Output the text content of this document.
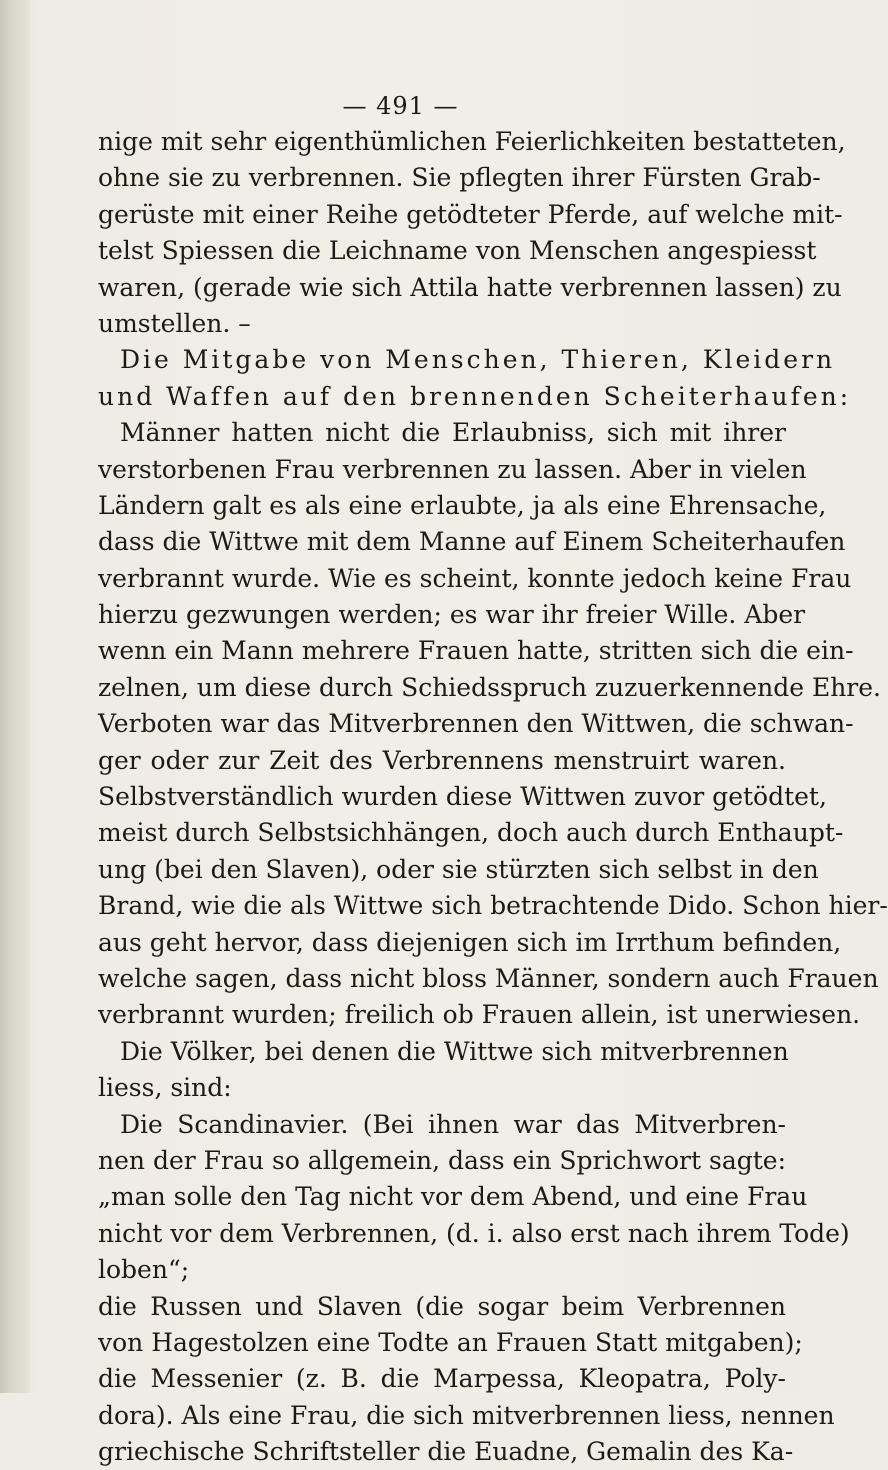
— 491 —
nige mit sehr eigenthümlichen Feierlichkeiten bestatteten,
ohne sie zu verbrennen. Sie pflegten ihrer Fürsten Grab-
gerüste mit einer Reihe getödteter Pferde, auf welche mit-
telst Spiessen die Leichname von Menschen angespiesst
waren, (gerade wie sich Attila hatte verbrennen lassen) zu
umstellen. –
Die Mitgabe von Menschen, Thieren, Kleidern
und Waffen auf den brennenden Scheiterhaufen:
Männer hatten nicht die Erlaubniss, sich mit ihrer
verstorbenen Frau verbrennen zu lassen. Aber in vielen
Ländern galt es als eine erlaubte, ja als eine Ehrensache,
dass die Wittwe mit dem Manne auf Einem Scheiterhaufen
verbrannt wurde. Wie es scheint, konnte jedoch keine Frau
hierzu gezwungen werden; es war ihr freier Wille. Aber
wenn ein Mann mehrere Frauen hatte, stritten sich die ein-
zelnen, um diese durch Schiedsspruch zuzuerkennende Ehre.
Verboten war das Mitverbrennen den Wittwen, die schwan-
ger oder zur Zeit des Verbrennens menstruirt waren.
Selbstverständlich wurden diese Wittwen zuvor getödtet,
meist durch Selbstsichhängen, doch auch durch Enthaupt-
ung (bei den Slaven), oder sie stürzten sich selbst in den
Brand, wie die als Wittwe sich betrachtende Dido. Schon hier-
aus geht hervor, dass diejenigen sich im Irrthum befinden,
welche sagen, dass nicht bloss Männer, sondern auch Frauen
verbrannt wurden; freilich ob Frauen allein, ist unerwiesen.
Die Völker, bei denen die Wittwe sich mitverbrennen
liess, sind:
Die Scandinavier. (Bei ihnen war das Mitverbren-
nen der Frau so allgemein, dass ein Sprichwort sagte:
„man solle den Tag nicht vor dem Abend, und eine Frau
nicht vor dem Verbrennen, (d. i. also erst nach ihrem Tode)
loben“;
die Russen und Slaven (die sogar beim Verbrennen
von Hagestolzen eine Todte an Frauen Statt mitgaben);
die Messenier (z. B. die Marpessa, Kleopatra, Poly-
dora). Als eine Frau, die sich mitverbrennen liess, nennen
griechische Schriftsteller die Euadne, Gemalin des Ka-
